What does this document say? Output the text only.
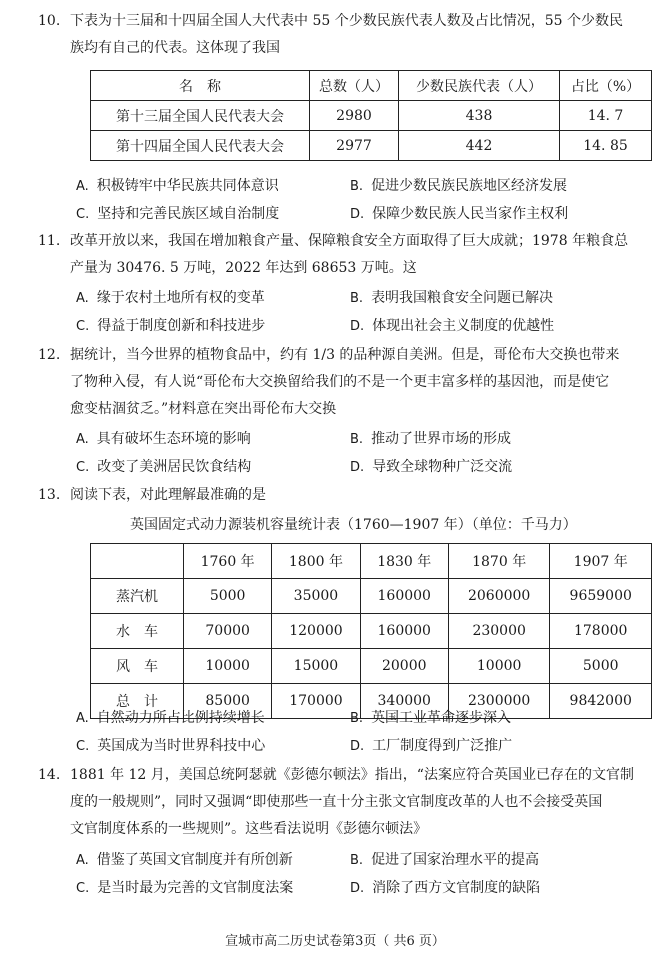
10. 下表为十三届和十四届全国人大代表中 55 个少数民族代表人数及占比情况，55 个少数民
族均有自己的代表。这体现了我国
名　称	总数（人）	少数民族代表（人）	占比（%）
第十三届全国人民代表大会	2980	438	14. 7
第十四届全国人民代表大会	2977	442	14. 85
A. 积极铸牢中华民族共同体意识	B. 促进少数民族民族地区经济发展
C. 坚持和完善民族区域自治制度	D. 保障少数民族人民当家作主权利
11. 改革开放以来，我国在增加粮食产量、保障粮食安全方面取得了巨大成就；1978 年粮食总
产量为 30476. 5 万吨，2022 年达到 68653 万吨。这
A. 缘于农村土地所有权的变革	B. 表明我国粮食安全问题已解决
C. 得益于制度创新和科技进步	D. 体现出社会主义制度的优越性
12. 据统计，当今世界的植物食品中，约有 1/3 的品种源自美洲。但是，哥伦布大交换也带来
了物种入侵，有人说“哥伦布大交换留给我们的不是一个更丰富多样的基因池，而是使它
愈变枯涸贫乏。”材料意在突出哥伦布大交换
A. 具有破坏生态环境的影响	B. 推动了世界市场的形成
C. 改变了美洲居民饮食结构	D. 导致全球物种广泛交流
13. 阅读下表，对此理解最准确的是
英国固定式动力源装机容量统计表（1760—1907 年）（单位：千马力）
	1760 年	1800 年	1830 年	1870 年	1907 年
蒸汽机	5000	35000	160000	2060000	9659000
水　车	70000	120000	160000	230000	178000
风　车	10000	15000	20000	10000	5000
总　计	85000	170000	340000	2300000	9842000
A. 自然动力所占比例持续增长	B. 英国工业革命逐步深入
C. 英国成为当时世界科技中心	D. 工厂制度得到广泛推广
14. 1881 年 12 月，美国总统阿瑟就《彭德尔顿法》指出，“法案应符合英国业已存在的文官制
度的一般规则”，同时又强调“即使那些一直十分主张文官制度改革的人也不会接受英国
文官制度体系的一些规则”。这些看法说明《彭德尔顿法》
A. 借鉴了英国文官制度并有所创新	B. 促进了国家治理水平的提高
C. 是当时最为完善的文官制度法案	D. 消除了西方文官制度的缺陷
宣城市高二历史试卷第3页（ 共6 页）
